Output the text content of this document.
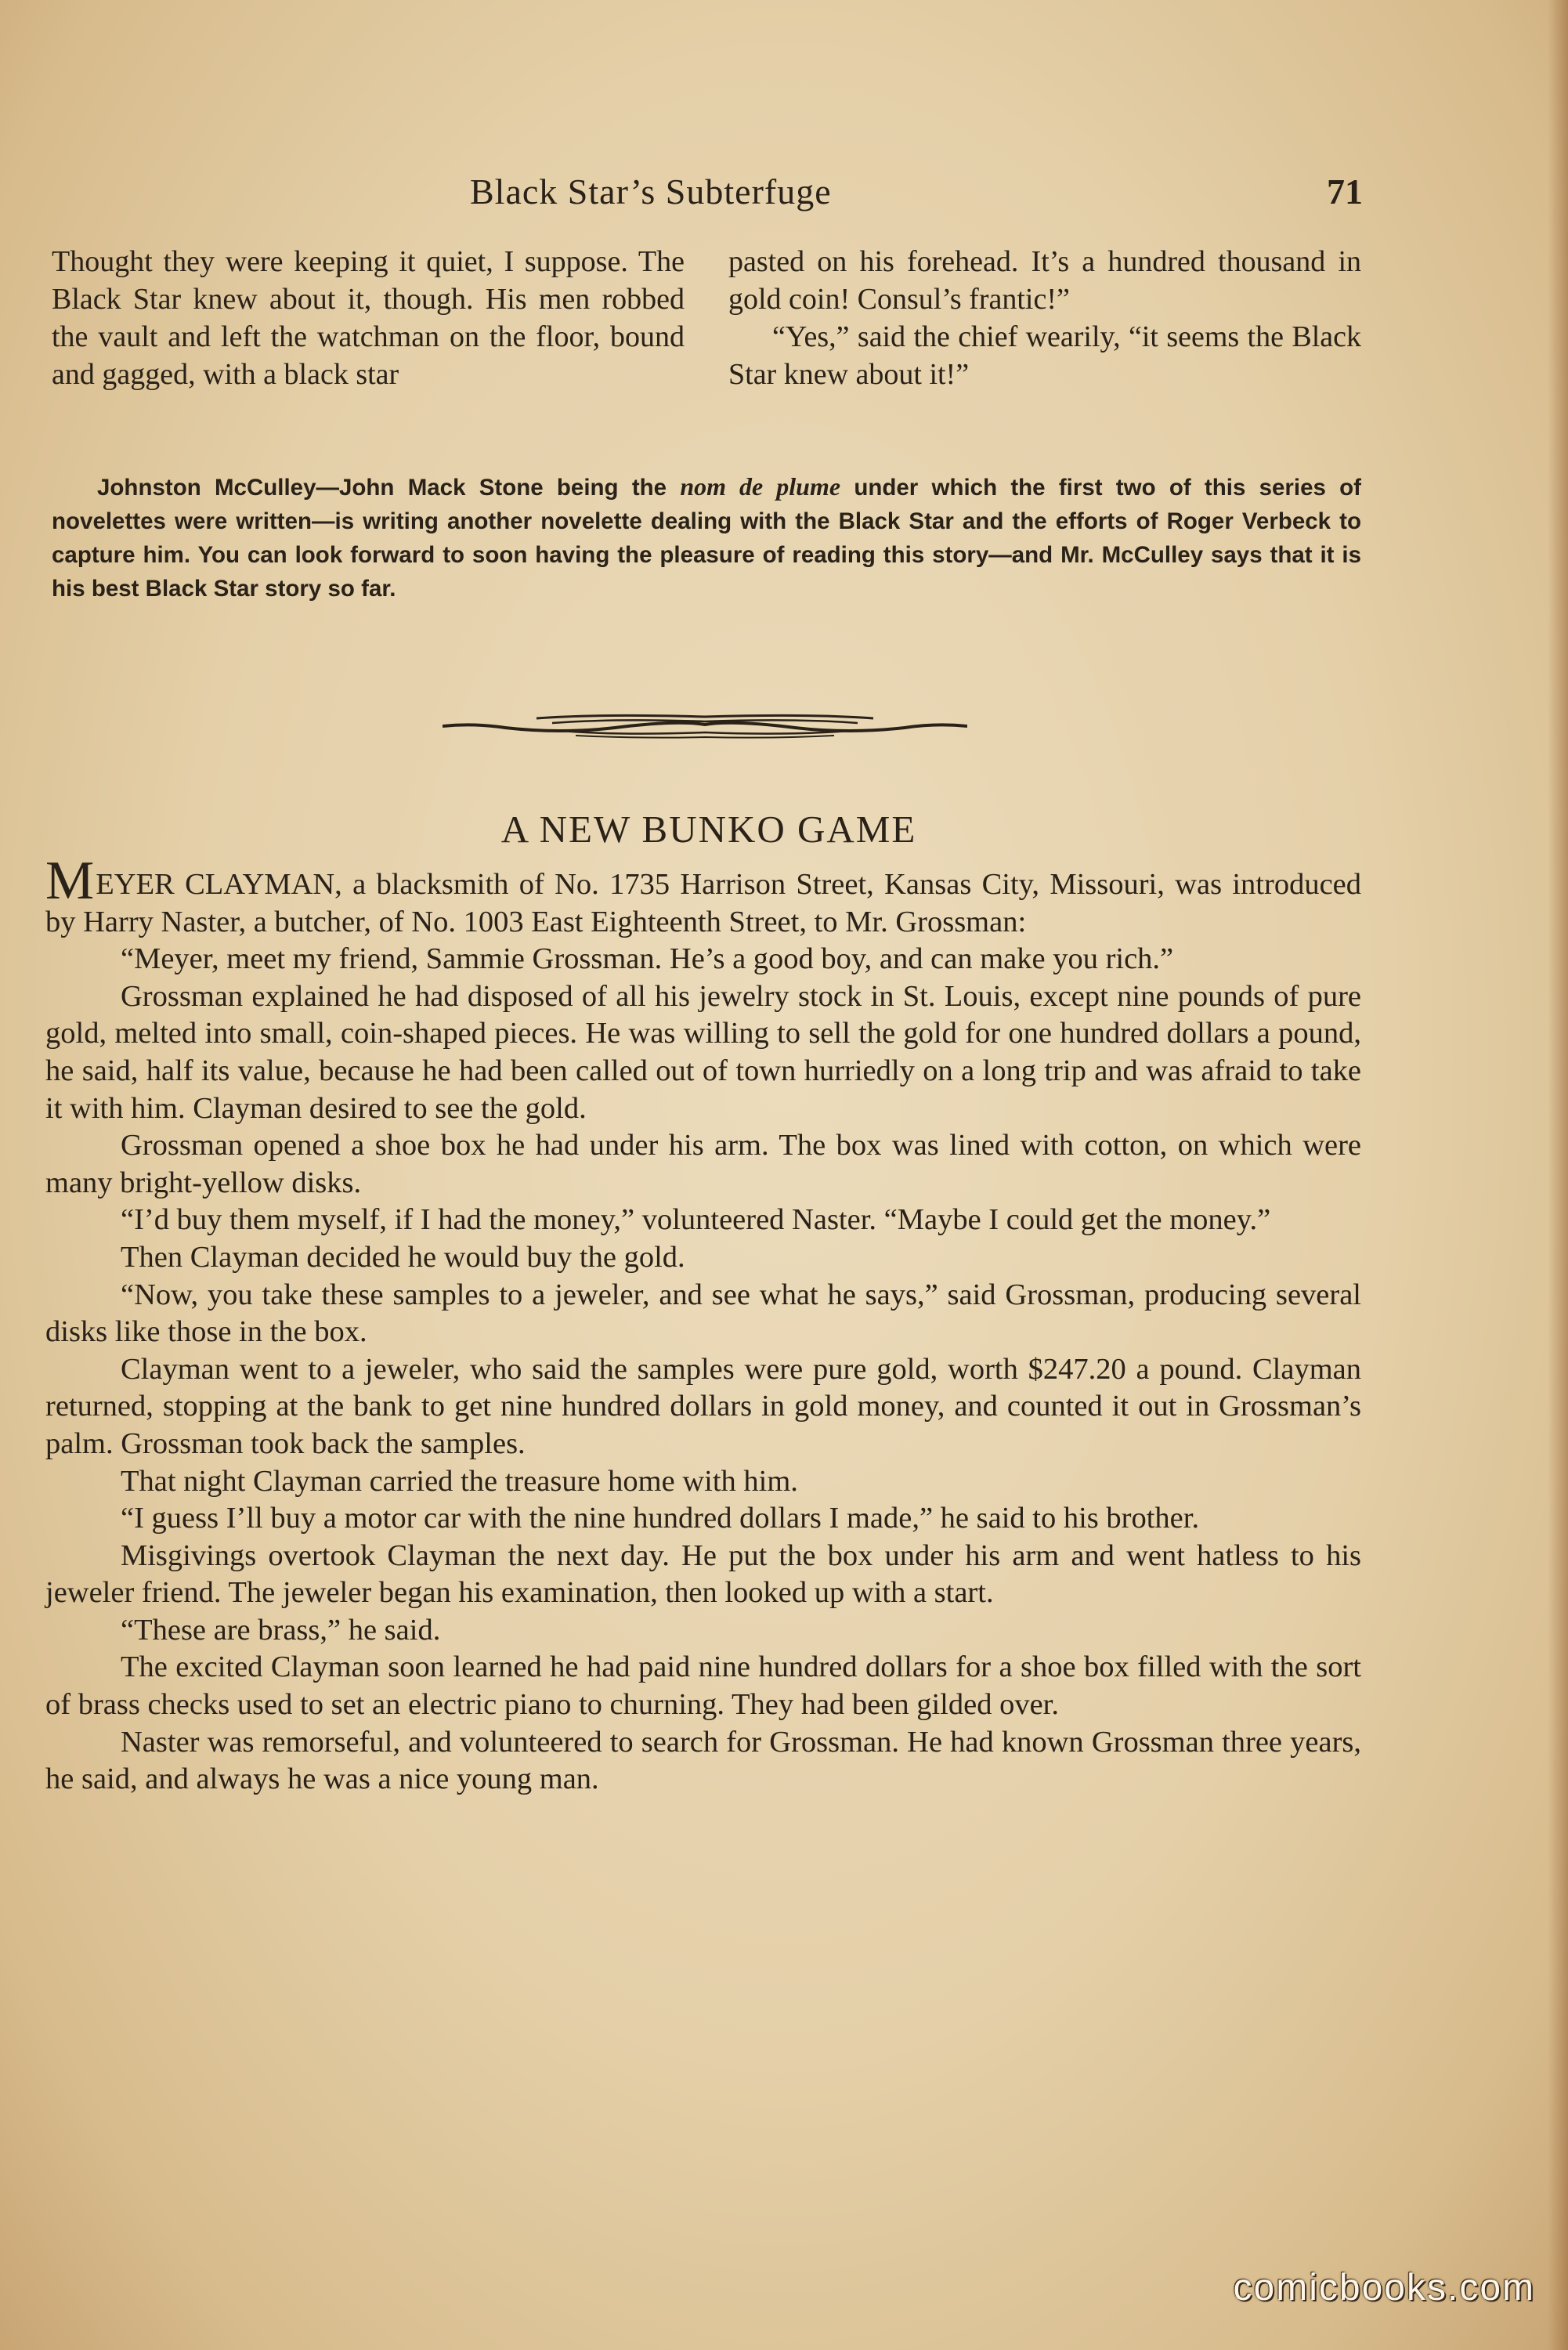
Black Star’s Subterfuge	71

Thought they were keeping it quiet, I suppose. The Black Star knew about it, though. His men robbed the vault and left the watchman on the floor, bound and gagged, with a black star

pasted on his forehead. It’s a hundred thousand in gold coin! Consul’s frantic!”

“Yes,” said the chief wearily, “it seems the Black Star knew about it!”

Johnston McCulley—John Mack Stone being the nom de plume under which the first two of this series of novelettes were written—is writing another novelette dealing with the Black Star and the efforts of Roger Verbeck to capture him. You can look forward to soon having the pleasure of reading this story—and Mr. McCulley says that it is his best Black Star story so far.
A NEW BUNKO GAME

MEYER CLAYMAN, a blacksmith of No. 1735 Harrison Street, Kansas City, Missouri, was introduced by Harry Naster, a butcher, of No. 1003 East Eighteenth Street, to Mr. Grossman:

“Meyer, meet my friend, Sammie Grossman. He’s a good boy, and can make you rich.”

Grossman explained he had disposed of all his jewelry stock in St. Louis, except nine pounds of pure gold, melted into small, coin-shaped pieces. He was willing to sell the gold for one hundred dollars a pound, he said, half its value, because he had been called out of town hurriedly on a long trip and was afraid to take it with him. Clayman desired to see the gold.

Grossman opened a shoe box he had under his arm. The box was lined with cotton, on which were many bright-yellow disks.

“I’d buy them myself, if I had the money,” volunteered Naster. “Maybe I could get the money.”

Then Clayman decided he would buy the gold.

“Now, you take these samples to a jeweler, and see what he says,” said Grossman, producing several disks like those in the box.

Clayman went to a jeweler, who said the samples were pure gold, worth $247.20 a pound. Clayman returned, stopping at the bank to get nine hundred dollars in gold money, and counted it out in Grossman’s palm. Grossman took back the samples.

That night Clayman carried the treasure home with him.

“I guess I’ll buy a motor car with the nine hundred dollars I made,” he said to his brother.

Misgivings overtook Clayman the next day. He put the box under his arm and went hatless to his jeweler friend. The jeweler began his examination, then looked up with a start.

“These are brass,” he said.

The excited Clayman soon learned he had paid nine hundred dollars for a shoe box filled with the sort of brass checks used to set an electric piano to churning. They had been gilded over.

Naster was remorseful, and volunteered to search for Grossman. He had known Grossman three years, he said, and always he was a nice young man.

comicbooks.com
